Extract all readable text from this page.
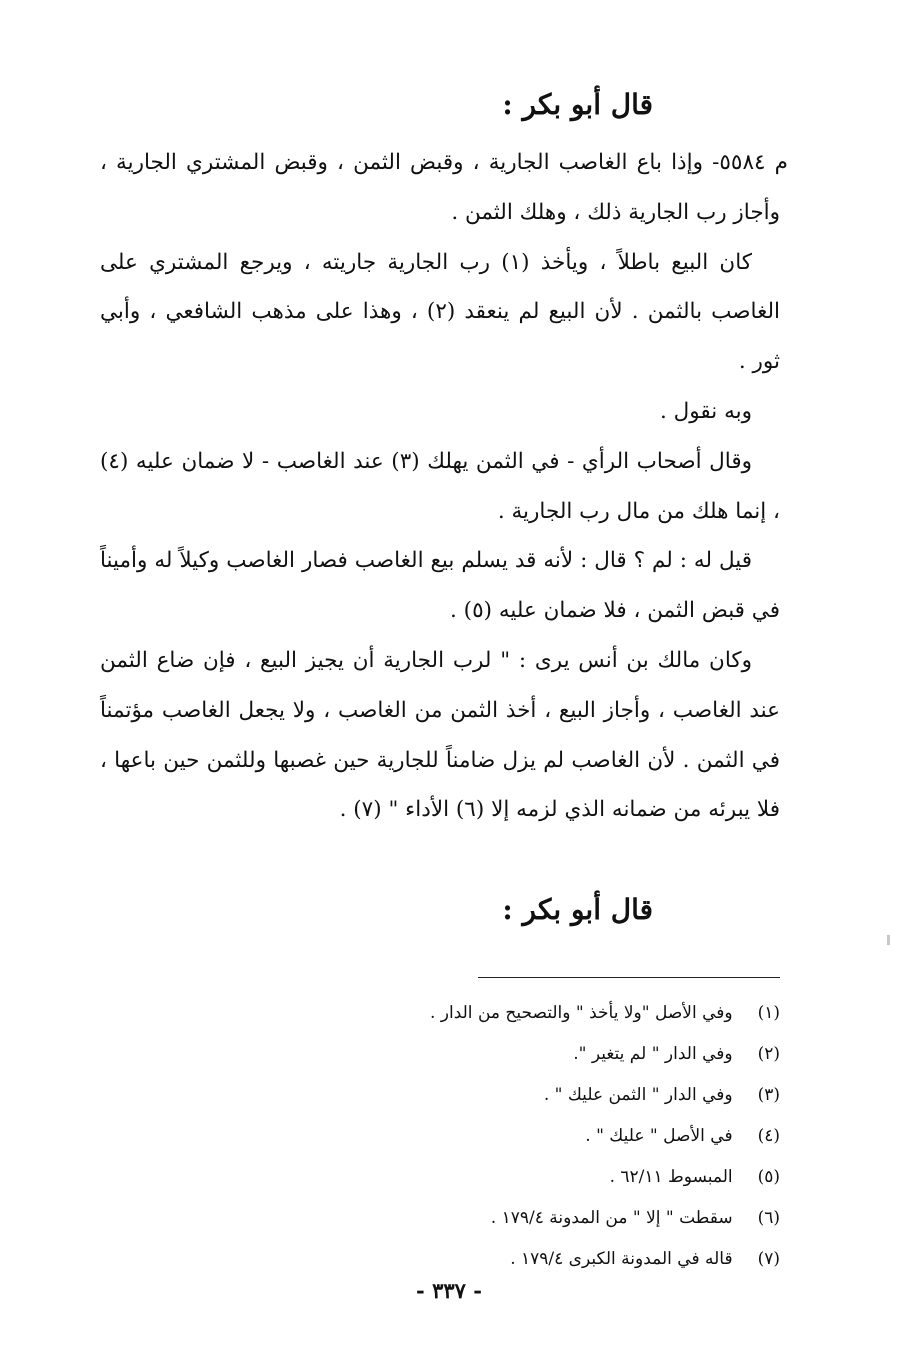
قال أبو بكر :

م ٥٥٨٤- وإذا باع الغاصب الجارية ، وقبض الثمن ، وقبض المشتري الجارية ، وأجاز رب الجارية ذلك ، وهلك الثمن .

كان البيع باطلاً ، ويأخذ (١) رب الجارية جاريته ، ويرجع المشتري على الغاصب بالثمن . لأن البيع لم ينعقد (٢) ، وهذا على مذهب الشافعي ، وأبي ثور .

وبه نقول .

وقال أصحاب الرأي - في الثمن يهلك (٣) عند الغاصب - لا ضمان عليه (٤) ، إنما هلك من مال رب الجارية .

قيل له : لم ؟ قال : لأنه قد يسلم بيع الغاصب فصار الغاصب وكيلاً له وأميناً في قبض الثمن ، فلا ضمان عليه (٥) .

وكان مالك بن أنس يرى : " لرب الجارية أن يجيز البيع ، فإن ضاع الثمن عند الغاصب ، وأجاز البيع ، أخذ الثمن من الغاصب ، ولا يجعل الغاصب مؤتمناً في الثمن . لأن الغاصب لم يزل ضامناً للجارية حين غصبها وللثمن حين باعها ، فلا يبرئه من ضمانه الذي لزمه إلا (٦) الأداء " (٧) .

قال أبو بكر :
(١) وفي الأصل "ولا يأخذ " والتصحيح من الدار .
(٢) وفي الدار " لم يتغير ".
(٣) وفي الدار " الثمن عليك " .
(٤) في الأصل " عليك " .
(٥) المبسوط ٦٢/١١ .
(٦) سقطت " إلا " من المدونة ١٧٩/٤ .
(٧) قاله في المدونة الكبرى ١٧٩/٤ .
- ٣٣٧ -
